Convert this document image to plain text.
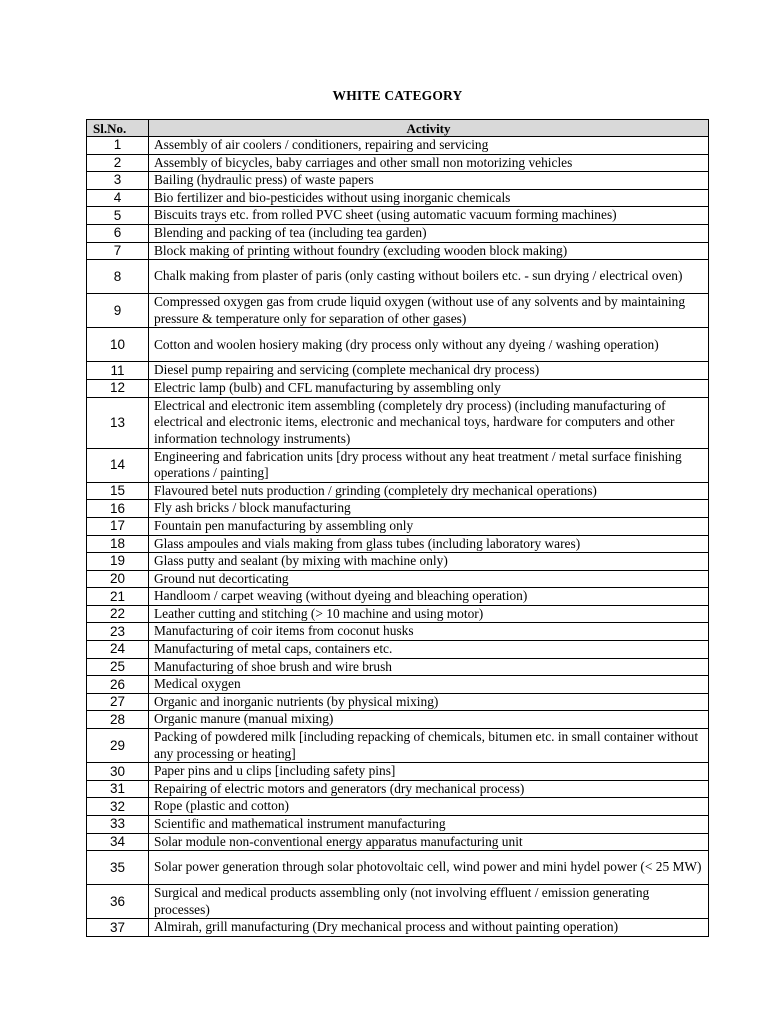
WHITE CATEGORY
Sl.No.	Activity
1	Assembly of air coolers / conditioners, repairing and servicing
2	Assembly of bicycles, baby carriages and other small non motorizing vehicles
3	Bailing (hydraulic press) of waste papers
4	Bio fertilizer and bio-pesticides without using inorganic chemicals
5	Biscuits trays etc. from rolled PVC sheet (using automatic vacuum forming machines)
6	Blending and packing of tea (including tea garden)
7	Block making of printing without foundry (excluding wooden block making)
8	Chalk making from plaster of paris (only casting without boilers etc. - sun drying / electrical oven)
9	Compressed oxygen gas from crude liquid oxygen (without use of any solvents and by maintaining pressure & temperature only for separation of other gases)
10	Cotton and woolen hosiery making (dry process only without any dyeing / washing operation)
11	Diesel pump repairing and servicing (complete mechanical dry process)
12	Electric lamp (bulb) and CFL manufacturing by assembling only
13	Electrical and electronic item assembling (completely dry process) (including manufacturing of electrical and electronic items, electronic and mechanical toys, hardware for computers and other information technology instruments)
14	Engineering and fabrication units [dry process without any heat treatment / metal surface finishing operations / painting]
15	Flavoured betel nuts production / grinding (completely dry mechanical operations)
16	Fly ash bricks / block manufacturing
17	Fountain pen manufacturing by assembling only
18	Glass ampoules and vials making from glass tubes (including laboratory wares)
19	Glass putty and sealant (by mixing with machine only)
20	Ground nut decorticating
21	Handloom / carpet weaving (without dyeing and bleaching operation)
22	Leather cutting and stitching (> 10 machine and using motor)
23	Manufacturing of coir items from coconut husks
24	Manufacturing of metal caps, containers etc.
25	Manufacturing of shoe brush and wire brush
26	Medical oxygen
27	Organic and inorganic nutrients (by physical mixing)
28	Organic manure (manual mixing)
29	Packing of powdered milk [including repacking of chemicals, bitumen etc. in small container without any processing or heating]
30	Paper pins and u clips [including safety pins]
31	Repairing of electric motors and generators (dry mechanical process)
32	Rope (plastic and cotton)
33	Scientific and mathematical instrument manufacturing
34	Solar module non-conventional energy apparatus manufacturing unit
35	Solar power generation through solar photovoltaic cell, wind power and mini hydel power (< 25 MW)
36	Surgical and medical products assembling only (not involving effluent / emission generating processes)
37	Almirah, grill manufacturing (Dry mechanical process and without painting operation)
